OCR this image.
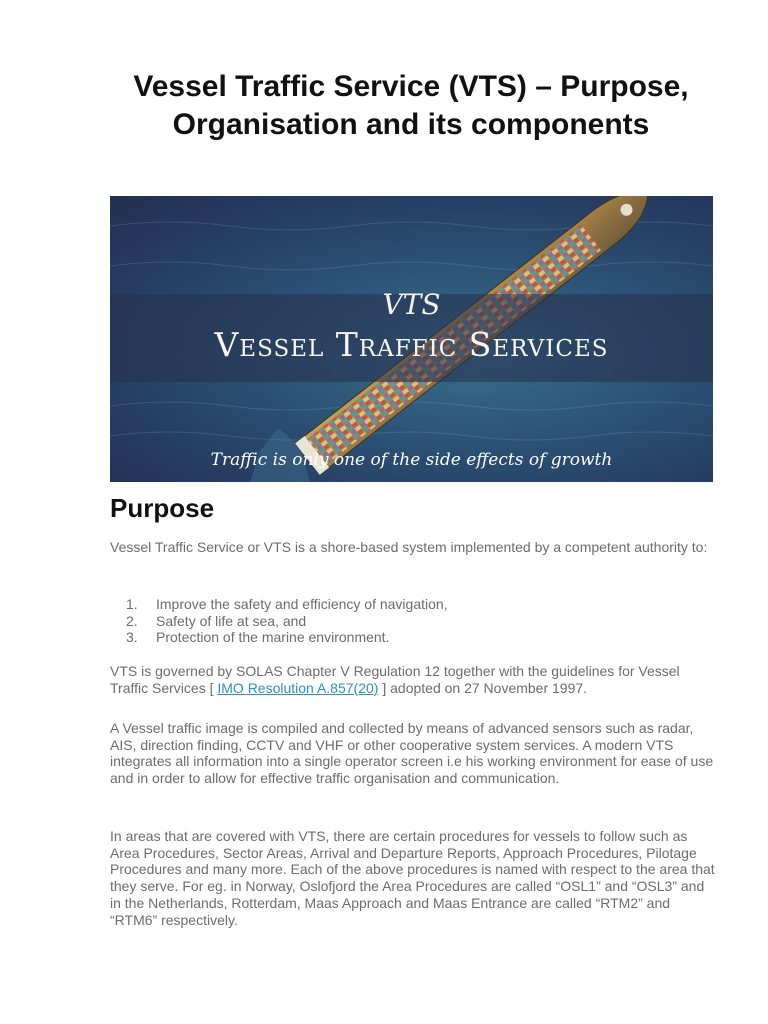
Vessel Traffic Service (VTS) – Purpose, Organisation and its components
VTS
Vessel Traffic Services
Traffic is only one of the side effects of growth
Purpose

Vessel Traffic Service or VTS is a shore-based system implemented by a competent authority to:

1. Improve the safety and efficiency of navigation,
2. Safety of life at sea, and
3. Protection of the marine environment.

VTS is governed by SOLAS Chapter V Regulation 12 together with the guidelines for Vessel Traffic Services [ IMO Resolution A.857(20) ] adopted on 27 November 1997.

A Vessel traffic image is compiled and collected by means of advanced sensors such as radar, AIS, direction finding, CCTV and VHF or other cooperative system services. A modern VTS integrates all information into a single operator screen i.e his working environment for ease of use and in order to allow for effective traffic organisation and communication.

In areas that are covered with VTS, there are certain procedures for vessels to follow such as Area Procedures, Sector Areas, Arrival and Departure Reports, Approach Procedures, Pilotage Procedures and many more. Each of the above procedures is named with respect to the area that they serve. For eg. in Norway, Oslofjord the Area Procedures are called “OSL1” and “OSL3” and in the Netherlands, Rotterdam, Maas Approach and Maas Entrance are called “RTM2” and “RTM6” respectively.
